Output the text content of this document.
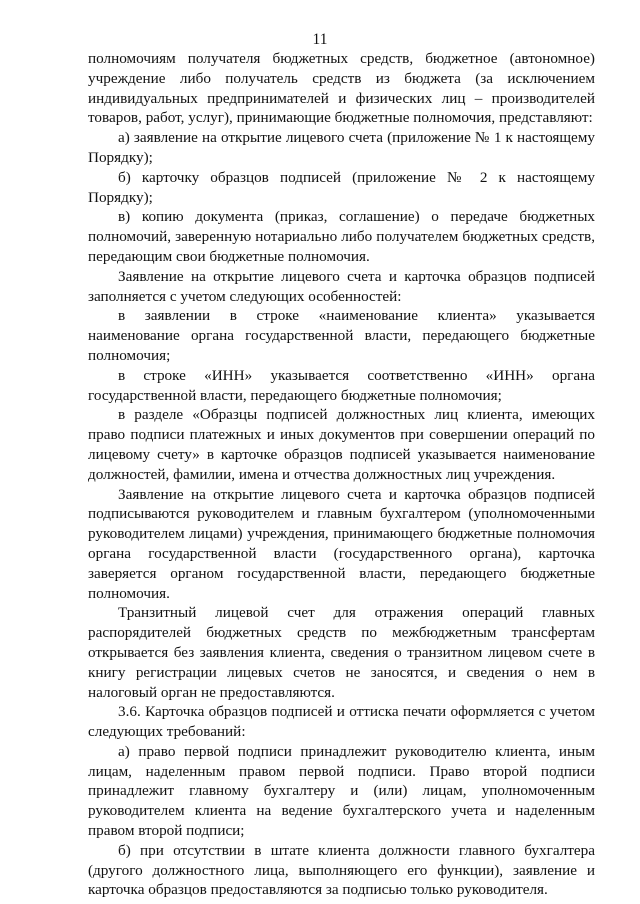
11

полномочиям получателя бюджетных средств, бюджетное (автономное) учреждение либо получатель средств из бюджета (за исключением индивидуальных предпринимателей и физических лиц – производителей товаров, работ, услуг), принимающие бюджетные полномочия, представляют:

а) заявление на открытие лицевого счета (приложение № 1 к настоящему Порядку);

б) карточку образцов подписей (приложение № 2 к настоящему Порядку);

в) копию документа (приказ, соглашение) о передаче бюджетных полномочий, заверенную нотариально либо получателем бюджетных средств, передающим свои бюджетные полномочия.

Заявление на открытие лицевого счета и карточка образцов подписей заполняется с учетом следующих особенностей:

в заявлении в строке «наименование клиента» указывается наименование органа государственной власти, передающего бюджетные полномочия;

в строке «ИНН» указывается соответственно «ИНН» органа государственной власти, передающего бюджетные полномочия;

в разделе «Образцы подписей должностных лиц клиента, имеющих право подписи платежных и иных документов при совершении операций по лицевому счету» в карточке образцов подписей указывается наименование должностей, фамилии, имена и отчества должностных лиц учреждения.

Заявление на открытие лицевого счета и карточка образцов подписей подписываются руководителем и главным бухгалтером (уполномоченными руководителем лицами) учреждения, принимающего бюджетные полномочия органа государственной власти (государственного органа), карточка заверяется органом государственной власти, передающего бюджетные полномочия.

Транзитный лицевой счет для отражения операций главных распорядителей бюджетных средств по межбюджетным трансфертам открывается без заявления клиента, сведения о транзитном лицевом счете в книгу регистрации лицевых счетов не заносятся, и сведения о нем в налоговый орган не предоставляются.

3.6. Карточка образцов подписей и оттиска печати оформляется с учетом следующих требований:

а) право первой подписи принадлежит руководителю клиента, иным лицам, наделенным правом первой подписи. Право второй подписи принадлежит главному бухгалтеру и (или) лицам, уполномоченным руководителем клиента на ведение бухгалтерского учета и наделенным правом второй подписи;

б) при отсутствии в штате клиента должности главного бухгалтера (другого должностного лица, выполняющего его функции), заявление и карточка образцов предоставляются за подписью только руководителя.
